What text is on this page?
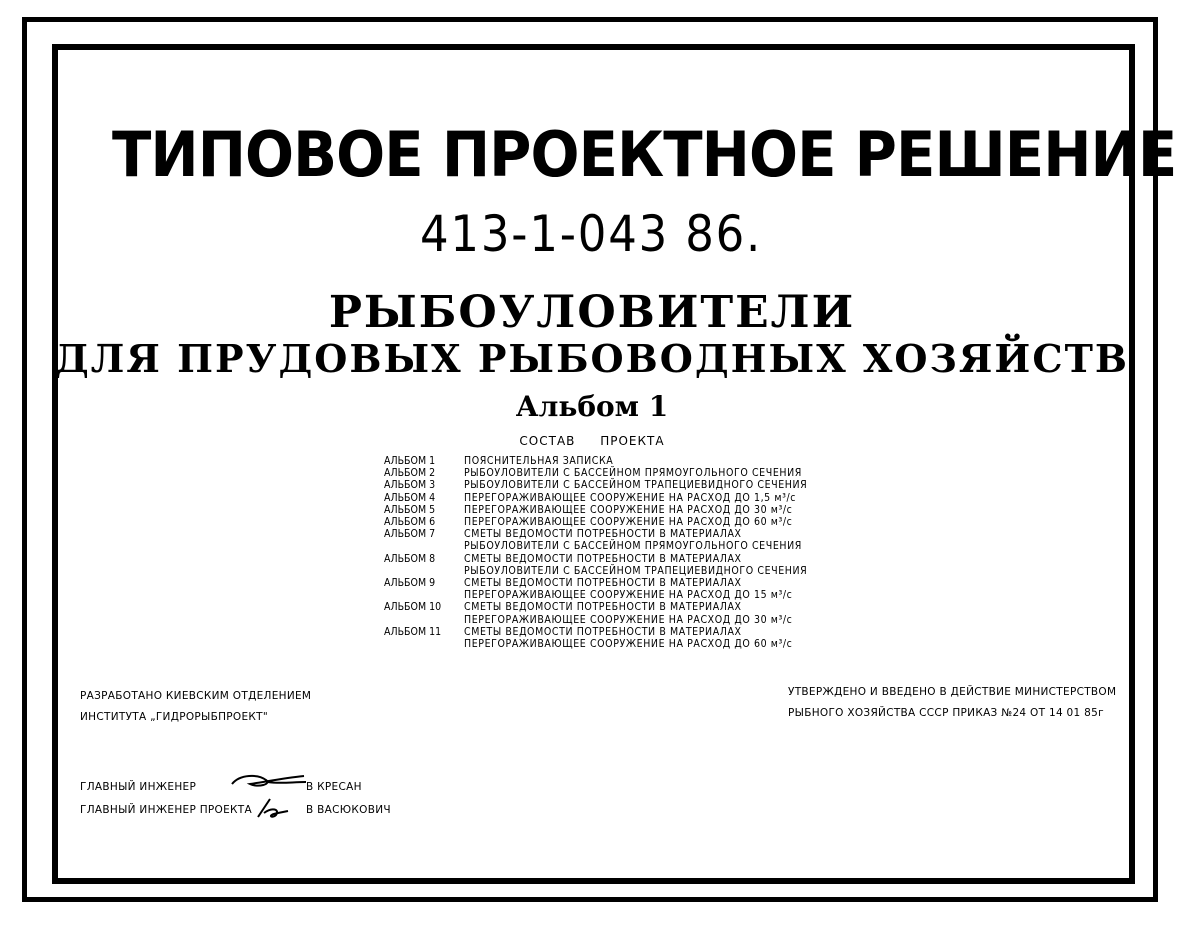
ТИПОВОЕ ПРОЕКТНОЕ РЕШЕНИЕ
413-1-043 86.
РЫБОУЛОВИТЕЛИ
ДЛЯ ПРУДОВЫХ РЫБОВОДНЫХ ХОЗЯЙСТВ
Альбом 1
СОСТАВ ПРОЕКТА
АЛЬБОМ 1	ПОЯСНИТЕЛЬНАЯ ЗАПИСКА
АЛЬБОМ 2	РЫБОУЛОВИТЕЛИ С БАССЕЙНОМ ПРЯМОУГОЛЬНОГО СЕЧЕНИЯ
АЛЬБОМ 3	РЫБОУЛОВИТЕЛИ С БАССЕЙНОМ ТРАПЕЦИЕВИДНОГО СЕЧЕНИЯ
АЛЬБОМ 4	ПЕРЕГОРАЖИВАЮЩЕЕ СООРУЖЕНИЕ НА РАСХОД ДО 1,5 м³/с
АЛЬБОМ 5	ПЕРЕГОРАЖИВАЮЩЕЕ СООРУЖЕНИЕ НА РАСХОД ДО 30 м³/с
АЛЬБОМ 6	ПЕРЕГОРАЖИВАЮЩЕЕ СООРУЖЕНИЕ НА РАСХОД ДО 60 м³/с
АЛЬБОМ 7	СМЕТЫ ВЕДОМОСТИ ПОТРЕБНОСТИ В МАТЕРИАЛАХ
РЫБОУЛОВИТЕЛИ С БАССЕЙНОМ ПРЯМОУГОЛЬНОГО СЕЧЕНИЯ
АЛЬБОМ 8	СМЕТЫ ВЕДОМОСТИ ПОТРЕБНОСТИ В МАТЕРИАЛАХ
РЫБОУЛОВИТЕЛИ С БАССЕЙНОМ ТРАПЕЦИЕВИДНОГО СЕЧЕНИЯ
АЛЬБОМ 9	СМЕТЫ ВЕДОМОСТИ ПОТРЕБНОСТИ В МАТЕРИАЛАХ
ПЕРЕГОРАЖИВАЮЩЕЕ СООРУЖЕНИЕ НА РАСХОД ДО 15 м³/с
АЛЬБОМ 10	СМЕТЫ ВЕДОМОСТИ ПОТРЕБНОСТИ В МАТЕРИАЛАХ
ПЕРЕГОРАЖИВАЮЩЕЕ СООРУЖЕНИЕ НА РАСХОД ДО 30 м³/с
АЛЬБОМ 11	СМЕТЫ ВЕДОМОСТИ ПОТРЕБНОСТИ В МАТЕРИАЛАХ
ПЕРЕГОРАЖИВАЮЩЕЕ СООРУЖЕНИЕ НА РАСХОД ДО 60 м³/с
РАЗРАБОТАНО КИЕВСКИМ ОТДЕЛЕНИЕМ
ИНСТИТУТА „ГИДРОРЫБПРОЕКТ"
УТВЕРЖДЕНО И ВВЕДЕНО В ДЕЙСТВИЕ МИНИСТЕРСТВОМ
РЫБНОГО ХОЗЯЙСТВА СССР ПРИКАЗ №24 ОТ 14 01 85г
ГЛАВНЫЙ ИНЖЕНЕР	В КРЕСАН
ГЛАВНЫЙ ИНЖЕНЕР ПРОЕКТА	В ВАСЮКОВИЧ
